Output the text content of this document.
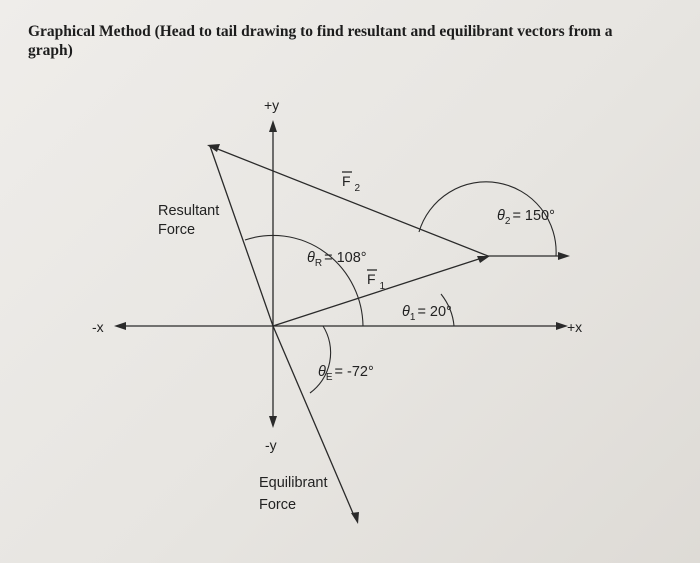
Graphical Method (Head to tail drawing to find resultant and equilibrant vectors from a graph)

+y
-y
+x
-x
F $_2$
F $_1$
$\theta_2 = 150^\circ$
$\theta_1 = 20^\circ$
$\theta_R = 108^\circ$
$\theta_E = -72^\circ$
Resultant
Force
Equilibrant
Force
